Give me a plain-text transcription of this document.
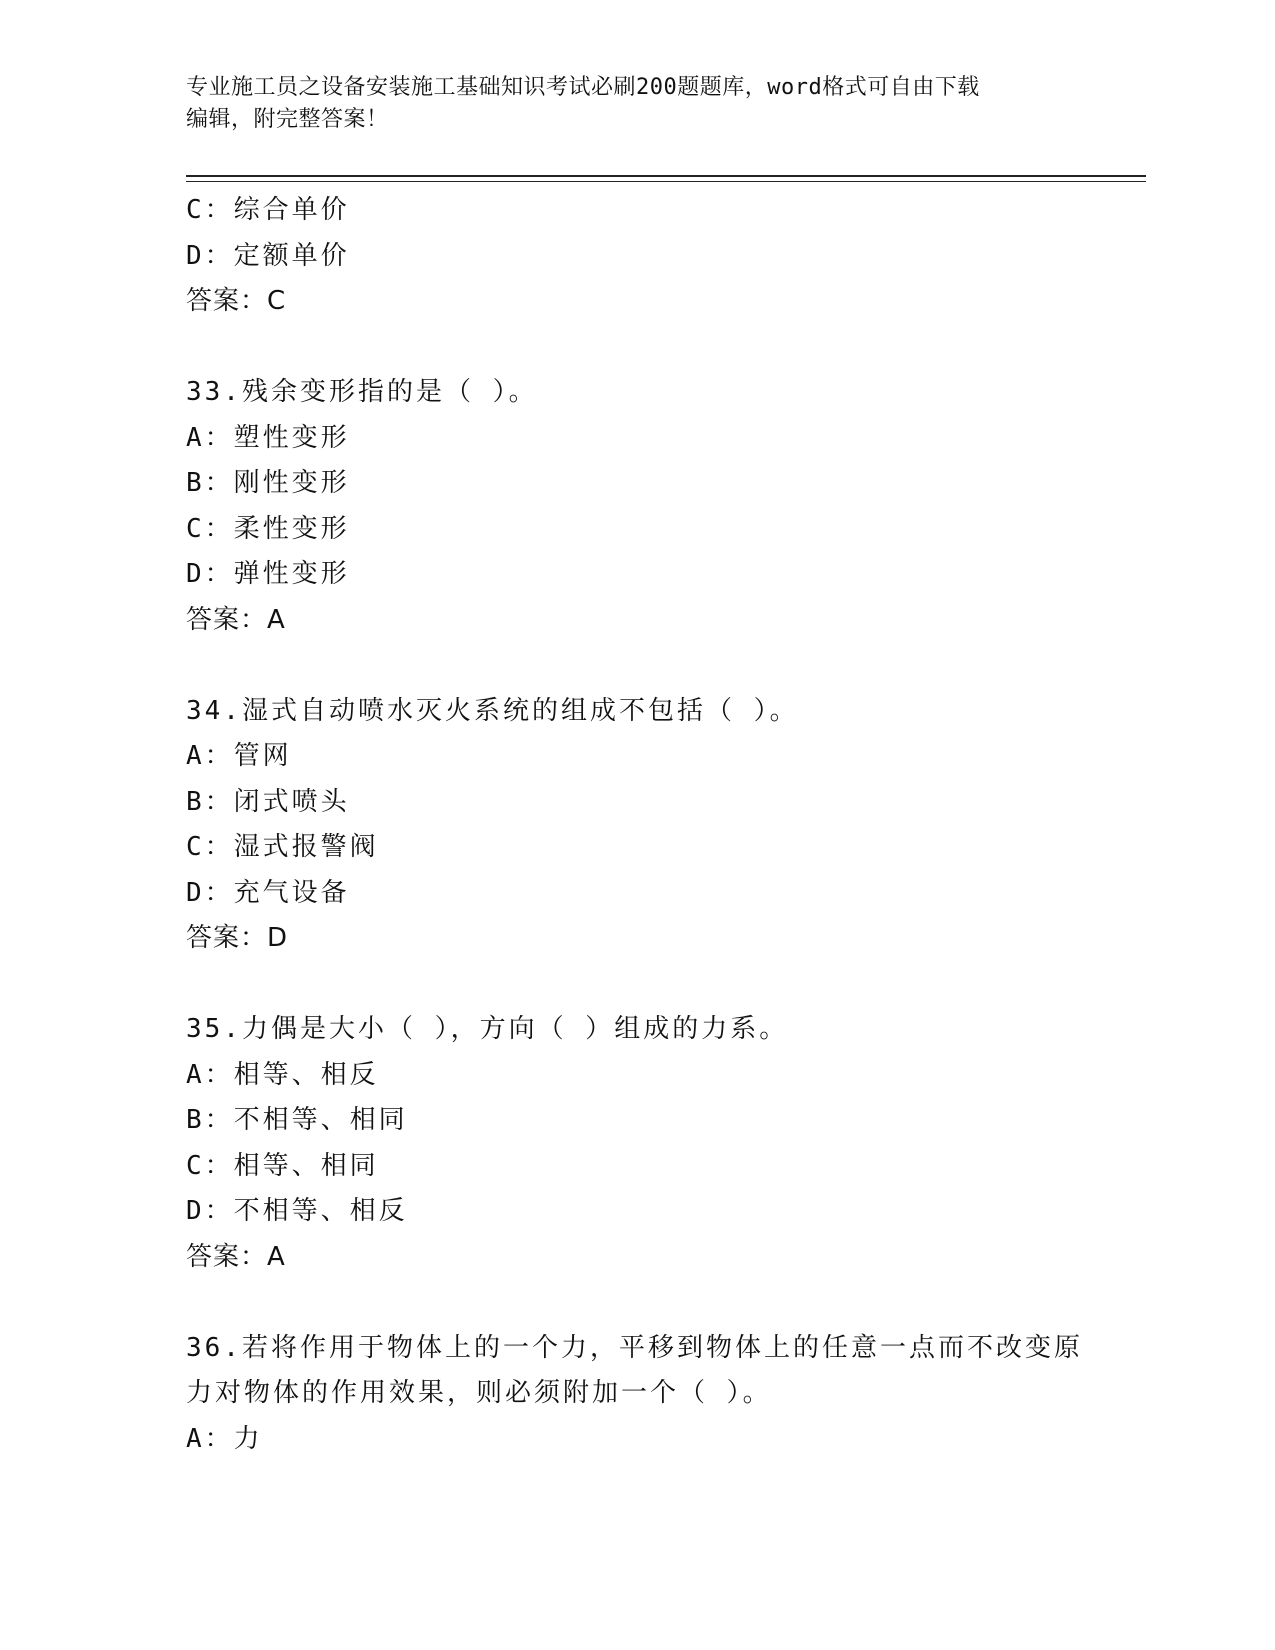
专业施工员之设备安装施工基础知识考试必刷200题题库，word格式可自由下载
编辑，附完整答案！
C：综合单价
D：定额单价
答案：C
33.残余变形指的是（ ）。
A：塑性变形
B：刚性变形
C：柔性变形
D：弹性变形
答案：A
34.湿式自动喷水灭火系统的组成不包括（ ）。
A：管网
B：闭式喷头
C：湿式报警阀
D：充气设备
答案：D
35.力偶是大小（ ），方向（ ）组成的力系。
A：相等、相反
B：不相等、相同
C：相等、相同
D：不相等、相反
答案：A
36.若将作用于物体上的一个力，平移到物体上的任意一点而不改变原
力对物体的作用效果，则必须附加一个（ ）。
A：力
